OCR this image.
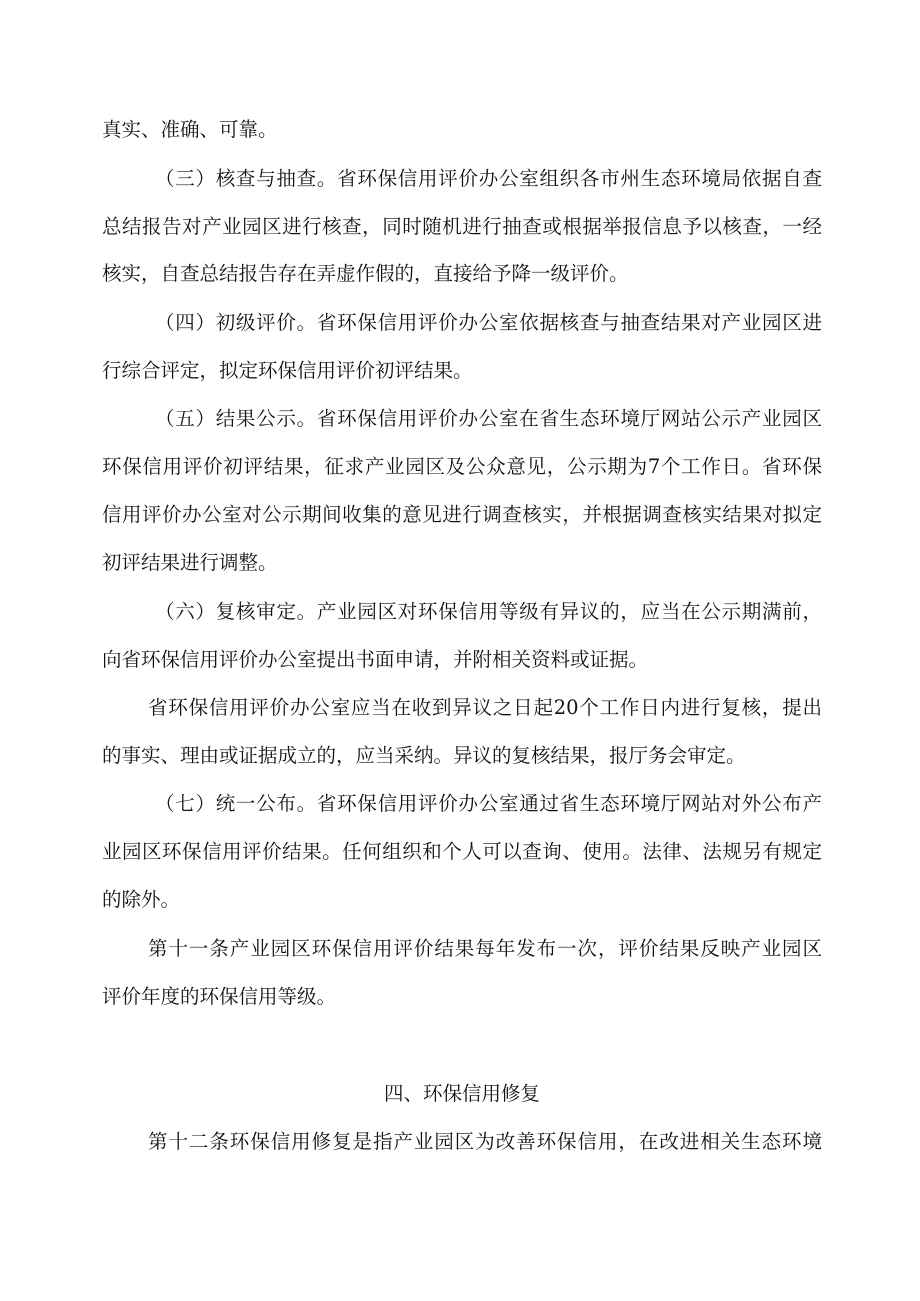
真实、准确、可靠。
（三）核查与抽查。省环保信用评价办公室组织各市州生态环境局依据自查
总结报告对产业园区进行核查，同时随机进行抽查或根据举报信息予以核查，一经
核实，自查总结报告存在弄虚作假的，直接给予降一级评价。
（四）初级评价。省环保信用评价办公室依据核查与抽查结果对产业园区进
行综合评定，拟定环保信用评价初评结果。
（五）结果公示。省环保信用评价办公室在省生态环境厅网站公示产业园区
环保信用评价初评结果，征求产业园区及公众意见，公示期为7个工作日。省环保
信用评价办公室对公示期间收集的意见进行调查核实，并根据调查核实结果对拟定
初评结果进行调整。
（六）复核审定。产业园区对环保信用等级有异议的，应当在公示期满前，
向省环保信用评价办公室提出书面申请，并附相关资料或证据。
省环保信用评价办公室应当在收到异议之日起20个工作日内进行复核，提出
的事实、理由或证据成立的，应当采纳。异议的复核结果，报厅务会审定。
（七）统一公布。省环保信用评价办公室通过省生态环境厅网站对外公布产
业园区环保信用评价结果。任何组织和个人可以查询、使用。法律、法规另有规定
的除外。
第十一条产业园区环保信用评价结果每年发布一次，评价结果反映产业园区
评价年度的环保信用等级。
四、环保信用修复
第十二条环保信用修复是指产业园区为改善环保信用，在改进相关生态环境
